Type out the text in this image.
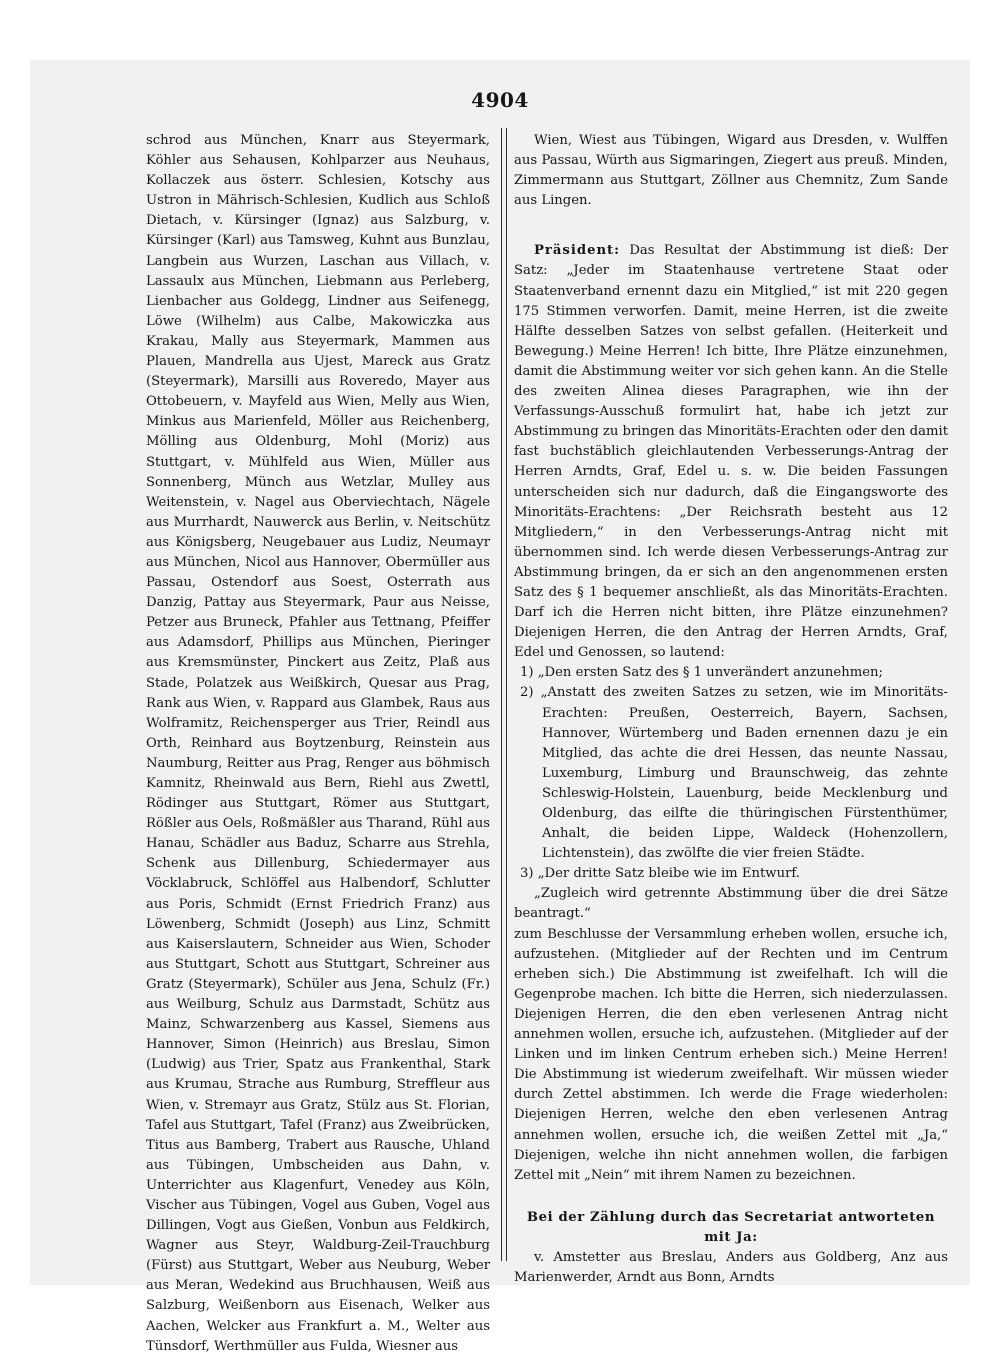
4904

schrod aus München, Knarr aus Steyermark, Köhler aus Sehausen, Kohlparzer aus Neuhaus, Kollaczek aus österr. Schlesien, Kotschy aus Ustron in Mährisch-Schlesien, Kudlich aus Schloß Dietach, v. Kürsinger (Ignaz) aus Salzburg, v. Kürsinger (Karl) aus Tamsweg, Kuhnt aus Bunzlau, Langbein aus Wurzen, Laschan aus Villach, v. Lassaulx aus München, Liebmann aus Perleberg, Lienbacher aus Goldegg, Lindner aus Seifenegg, Löwe (Wilhelm) aus Calbe, Makowiczka aus Krakau, Mally aus Steyermark, Mammen aus Plauen, Mandrella aus Ujest, Mareck aus Gratz (Steyermark), Marsilli aus Roveredo, Mayer aus Ottobeuern, v. Mayfeld aus Wien, Melly aus Wien, Minkus aus Marienfeld, Möller aus Reichenberg, Mölling aus Oldenburg, Mohl (Moriz) aus Stuttgart, v. Mühlfeld aus Wien, Müller aus Sonnenberg, Münch aus Wetzlar, Mulley aus Weitenstein, v. Nagel aus Oberviechtach, Nägele aus Murrhardt, Nauwerck aus Berlin, v. Neitschütz aus Königsberg, Neugebauer aus Ludiz, Neumayr aus München, Nicol aus Hannover, Obermüller aus Passau, Ostendorf aus Soest, Osterrath aus Danzig, Pattay aus Steyermark, Paur aus Neisse, Petzer aus Bruneck, Pfahler aus Tettnang, Pfeiffer aus Adamsdorf, Phillips aus München, Pieringer aus Kremsmünster, Pinckert aus Zeitz, Plaß aus Stade, Polatzek aus Weißkirch, Quesar aus Prag, Rank aus Wien, v. Rappard aus Glambek, Raus aus Wolframitz, Reichensperger aus Trier, Reindl aus Orth, Reinhard aus Boytzenburg, Reinstein aus Naumburg, Reitter aus Prag, Renger aus böhmisch Kamnitz, Rheinwald aus Bern, Riehl aus Zwettl, Rödinger aus Stuttgart, Römer aus Stuttgart, Rößler aus Oels, Roßmäßler aus Tharand, Rühl aus Hanau, Schädler aus Baduz, Scharre aus Strehla, Schenk aus Dillenburg, Schiedermayer aus Vöcklabruck, Schlöffel aus Halbendorf, Schlutter aus Poris, Schmidt (Ernst Friedrich Franz) aus Löwenberg, Schmidt (Joseph) aus Linz, Schmitt aus Kaiserslautern, Schneider aus Wien, Schoder aus Stuttgart, Schott aus Stuttgart, Schreiner aus Gratz (Steyermark), Schüler aus Jena, Schulz (Fr.) aus Weilburg, Schulz aus Darmstadt, Schütz aus Mainz, Schwarzenberg aus Kassel, Siemens aus Hannover, Simon (Heinrich) aus Breslau, Simon (Ludwig) aus Trier, Spatz aus Frankenthal, Stark aus Krumau, Strache aus Rumburg, Streffleur aus Wien, v. Stremayr aus Gratz, Stülz aus St. Florian, Tafel aus Stuttgart, Tafel (Franz) aus Zweibrücken, Titus aus Bamberg, Trabert aus Rausche, Uhland aus Tübingen, Umbscheiden aus Dahn, v. Unterrichter aus Klagenfurt, Venedey aus Köln, Vischer aus Tübingen, Vogel aus Guben, Vogel aus Dillingen, Vogt aus Gießen, Vonbun aus Feldkirch, Wagner aus Steyr, Waldburg-Zeil-Trauchburg (Fürst) aus Stuttgart, Weber aus Neuburg, Weber aus Meran, Wedekind aus Bruchhausen, Weiß aus Salzburg, Weißenborn aus Eisenach, Welker aus Aachen, Welcker aus Frankfurt a. M., Welter aus Tünsdorf, Werthmüller aus Fulda, Wiesner aus

Wien, Wiest aus Tübingen, Wigard aus Dresden, v. Wulffen aus Passau, Würth aus Sigmaringen, Ziegert aus preuß. Minden, Zimmermann aus Stuttgart, Zöllner aus Chemnitz, Zum Sande aus Lingen.

Präsident: Das Resultat der Abstimmung ist dieß: Der Satz: „Jeder im Staatenhause vertretene Staat oder Staatenverband ernennt dazu ein Mitglied,“ ist mit 220 gegen 175 Stimmen verworfen. Damit, meine Herren, ist die zweite Hälfte desselben Satzes von selbst gefallen. (Heiterkeit und Bewegung.) Meine Herren! Ich bitte, Ihre Plätze einzunehmen, damit die Abstimmung weiter vor sich gehen kann. An die Stelle des zweiten Alinea dieses Paragraphen, wie ihn der Verfassungs-Ausschuß formulirt hat, habe ich jetzt zur Abstimmung zu bringen das Minoritäts-Erachten oder den damit fast buchstäblich gleichlautenden Verbesserungs-Antrag der Herren Arndts, Graf, Edel u. s. w. Die beiden Fassungen unterscheiden sich nur dadurch, daß die Eingangsworte des Minoritäts-Erachtens: „Der Reichsrath besteht aus 12 Mitgliedern,“ in den Verbesserungs-Antrag nicht mit übernommen sind. Ich werde diesen Verbesserungs-Antrag zur Abstimmung bringen, da er sich an den angenommenen ersten Satz des § 1 bequemer anschließt, als das Minoritäts-Erachten. Darf ich die Herren nicht bitten, ihre Plätze einzunehmen? Diejenigen Herren, die den Antrag der Herren Arndts, Graf, Edel und Genossen, so lautend:

1) „Den ersten Satz des § 1 unverändert anzunehmen;

2) „Anstatt des zweiten Satzes zu setzen, wie im Minoritäts-Erachten: Preußen, Oesterreich, Bayern, Sachsen, Hannover, Würtemberg und Baden ernennen dazu je ein Mitglied, das achte die drei Hessen, das neunte Nassau, Luxemburg, Limburg und Braunschweig, das zehnte Schleswig-Holstein, Lauenburg, beide Mecklenburg und Oldenburg, das eilfte die thüringischen Fürstenthümer, Anhalt, die beiden Lippe, Waldeck (Hohenzollern, Lichtenstein), das zwölfte die vier freien Städte.

3) „Der dritte Satz bleibe wie im Entwurf.

„Zugleich wird getrennte Abstimmung über die drei Sätze beantragt.“

zum Beschlusse der Versammlung erheben wollen, ersuche ich, aufzustehen. (Mitglieder auf der Rechten und im Centrum erheben sich.) Die Abstimmung ist zweifelhaft. Ich will die Gegenprobe machen. Ich bitte die Herren, sich niederzulassen. Diejenigen Herren, die den eben verlesenen Antrag nicht annehmen wollen, ersuche ich, aufzustehen. (Mitglieder auf der Linken und im linken Centrum erheben sich.) Meine Herren! Die Abstimmung ist wiederum zweifelhaft. Wir müssen wieder durch Zettel abstimmen. Ich werde die Frage wiederholen: Diejenigen Herren, welche den eben verlesenen Antrag annehmen wollen, ersuche ich, die weißen Zettel mit „Ja,“ Diejenigen, welche ihn nicht annehmen wollen, die farbigen Zettel mit „Nein“ mit ihrem Namen zu bezeichnen.

Bei der Zählung durch das Secretariat antworteten mit Ja:

v. Amstetter aus Breslau, Anders aus Goldberg, Anz aus Marienwerder, Arndt aus Bonn, Arndts
